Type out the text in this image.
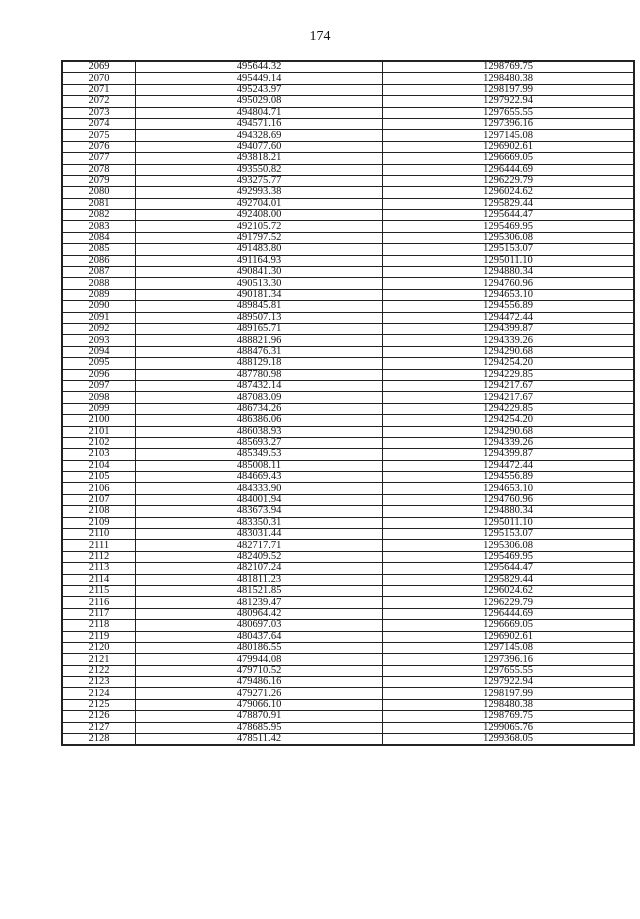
174
2069	495644.32	1298769.75
2070	495449.14	1298480.38
2071	495243.97	1298197.99
2072	495029.08	1297922.94
2073	494804.71	1297655.55
2074	494571.16	1297396.16
2075	494328.69	1297145.08
2076	494077.60	1296902.61
2077	493818.21	1296669.05
2078	493550.82	1296444.69
2079	493275.77	1296229.79
2080	492993.38	1296024.62
2081	492704.01	1295829.44
2082	492408.00	1295644.47
2083	492105.72	1295469.95
2084	491797.52	1295306.08
2085	491483.80	1295153.07
2086	491164.93	1295011.10
2087	490841.30	1294880.34
2088	490513.30	1294760.96
2089	490181.34	1294653.10
2090	489845.81	1294556.89
2091	489507.13	1294472.44
2092	489165.71	1294399.87
2093	488821.96	1294339.26
2094	488476.31	1294290.68
2095	488129.18	1294254.20
2096	487780.98	1294229.85
2097	487432.14	1294217.67
2098	487083.09	1294217.67
2099	486734.26	1294229.85
2100	486386.06	1294254.20
2101	486038.93	1294290.68
2102	485693.27	1294339.26
2103	485349.53	1294399.87
2104	485008.11	1294472.44
2105	484669.43	1294556.89
2106	484333.90	1294653.10
2107	484001.94	1294760.96
2108	483673.94	1294880.34
2109	483350.31	1295011.10
2110	483031.44	1295153.07
2111	482717.71	1295306.08
2112	482409.52	1295469.95
2113	482107.24	1295644.47
2114	481811.23	1295829.44
2115	481521.85	1296024.62
2116	481239.47	1296229.79
2117	480964.42	1296444.69
2118	480697.03	1296669.05
2119	480437.64	1296902.61
2120	480186.55	1297145.08
2121	479944.08	1297396.16
2122	479710.52	1297655.55
2123	479486.16	1297922.94
2124	479271.26	1298197.99
2125	479066.10	1298480.38
2126	478870.91	1298769.75
2127	478685.95	1299065.76
2128	478511.42	1299368.05
